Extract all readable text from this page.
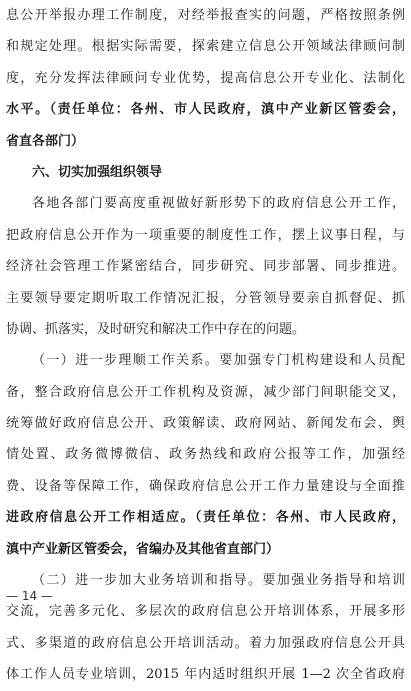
息公开举报办理工作制度，对经举报查实的问题，严格按照条例
和规定处理。根据实际需要，探索建立信息公开领域法律顾问制
度，充分发挥法律顾问专业优势，提高信息公开专业化、法制化
水平。（责任单位：各州、市人民政府，滇中产业新区管委会，
省直各部门）
六、切实加强组织领导
各地各部门要高度重视做好新形势下的政府信息公开工作，
把政府信息公开作为一项重要的制度性工作，摆上议事日程，与
经济社会管理工作紧密结合，同步研究、同步部署、同步推进。
主要领导要定期听取工作情况汇报，分管领导要亲自抓督促、抓
协调、抓落实，及时研究和解决工作中存在的问题。
（一）进一步理顺工作关系。要加强专门机构建设和人员配
备，整合政府信息公开工作机构及资源，减少部门间职能交叉，
统筹做好政府信息公开、政策解读、政府网站、新闻发布会、舆
情处置、政务微博微信、政务热线和政府公报等工作，加强经
费、设备等保障工作，确保政府信息公开工作力量建设与全面推
进政府信息公开工作相适应。（责任单位：各州、市人民政府，
滇中产业新区管委会，省编办及其他省直部门）
（二）进一步加大业务培训和指导。要加强业务指导和培训
交流，完善多元化、多层次的政府信息公开培训体系，开展多形
式、多渠道的政府信息公开培训活动。着力加强政府信息公开具
体工作人员专业培训，2015 年内适时组织开展 1—2 次全省政府
— 14 —
